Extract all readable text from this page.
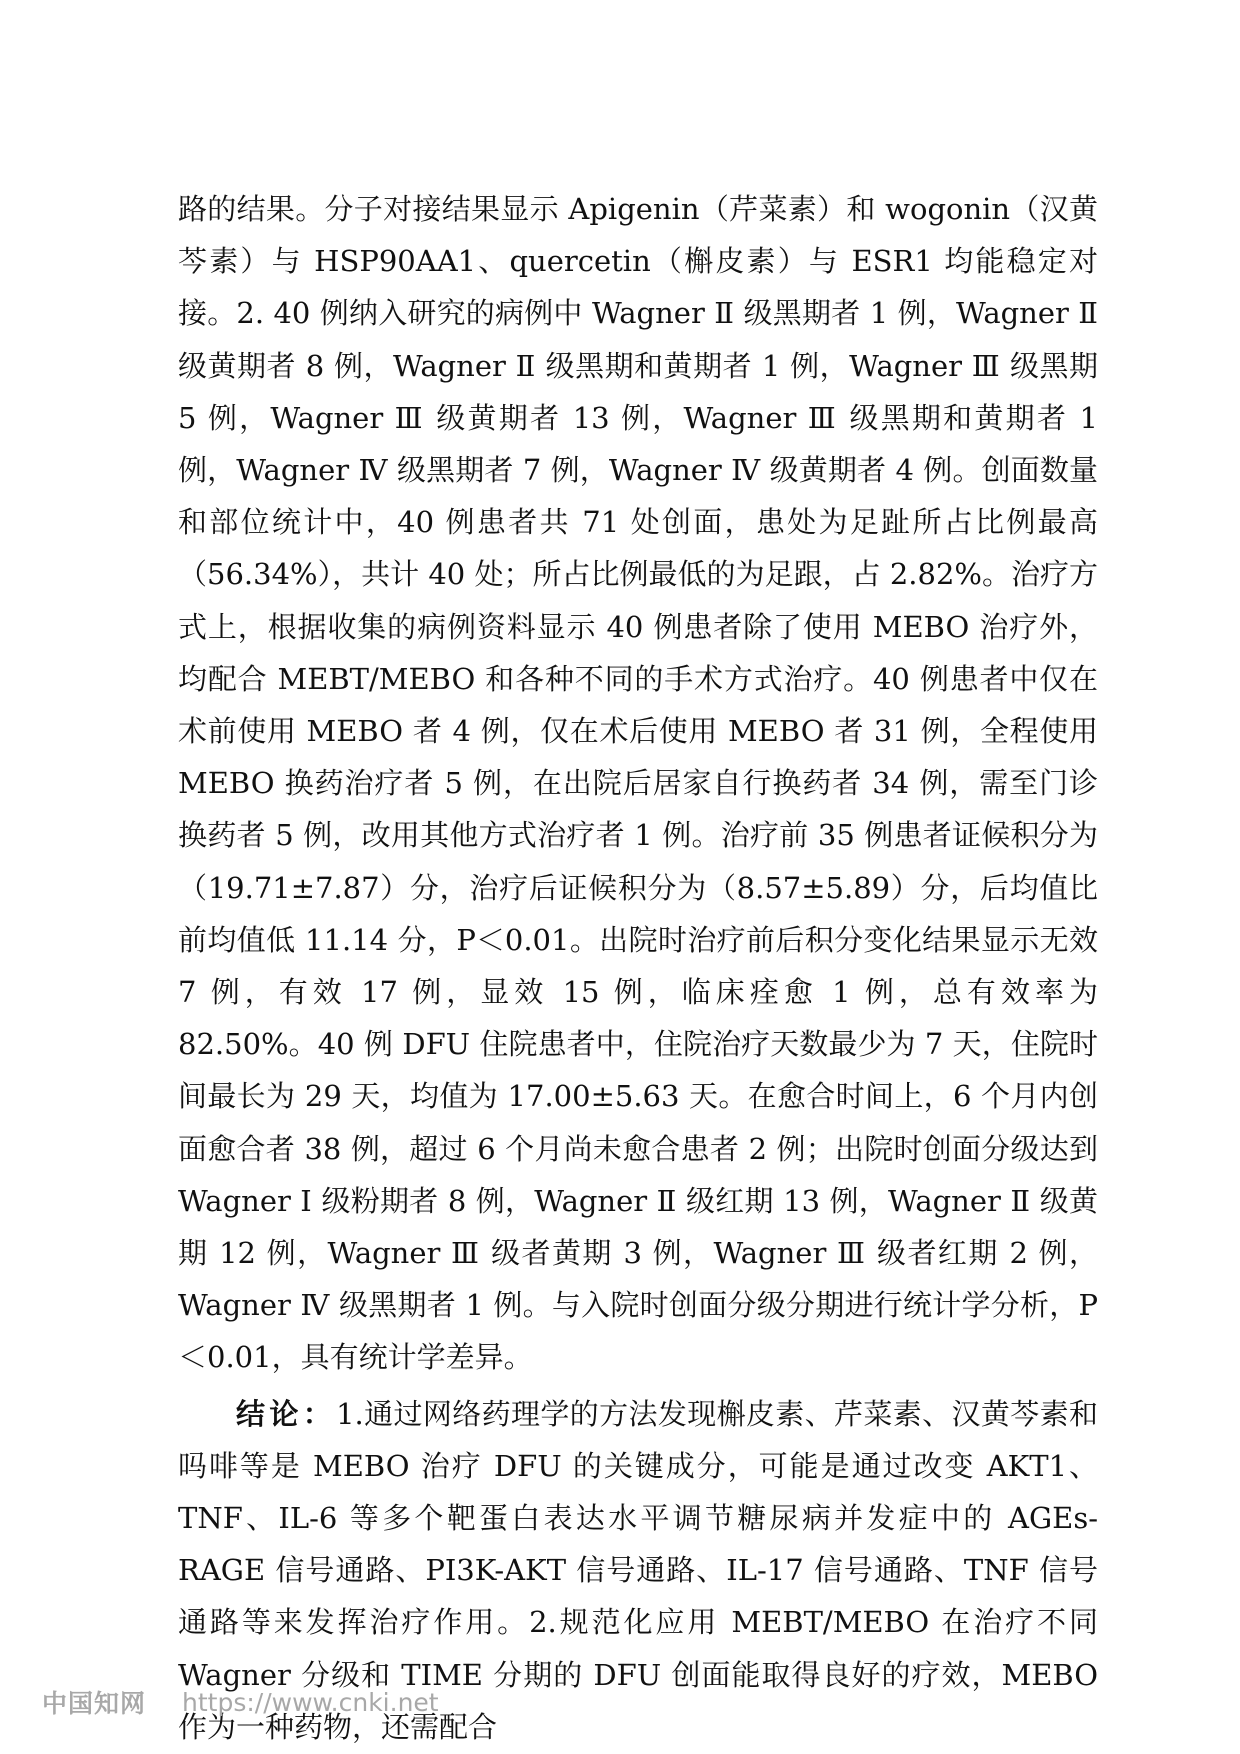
路的结果。分子对接结果显示 Apigenin（芹菜素）和 wogonin（汉黄芩素）与 HSP90AA1、quercetin（槲皮素）与 ESR1 均能稳定对接。2. 40 例纳入研究的病例中 Wagner Ⅱ 级黑期者 1 例，Wagner Ⅱ 级黄期者 8 例，Wagner Ⅱ 级黑期和黄期者 1 例，Wagner Ⅲ 级黑期 5 例，Wagner Ⅲ 级黄期者 13 例，Wagner Ⅲ 级黑期和黄期者 1 例，Wagner Ⅳ 级黑期者 7 例，Wagner Ⅳ 级黄期者 4 例。创面数量和部位统计中，40 例患者共 71 处创面，患处为足趾所占比例最高（56.34%），共计 40 处；所占比例最低的为足跟，占 2.82%。治疗方式上，根据收集的病例资料显示 40 例患者除了使用 MEBO 治疗外，均配合 MEBT/MEBO 和各种不同的手术方式治疗。40 例患者中仅在术前使用 MEBO 者 4 例，仅在术后使用 MEBO 者 31 例，全程使用 MEBO 换药治疗者 5 例，在出院后居家自行换药者 34 例，需至门诊换药者 5 例，改用其他方式治疗者 1 例。治疗前 35 例患者证候积分为（19.71±7.87）分，治疗后证候积分为（8.57±5.89）分，后均值比前均值低 11.14 分，P＜0.01。出院时治疗前后积分变化结果显示无效 7 例，有效 17 例，显效 15 例，临床痊愈 1 例，总有效率为 82.50%。40 例 DFU 住院患者中，住院治疗天数最少为 7 天，住院时间最长为 29 天，均值为 17.00±5.63 天。在愈合时间上，6 个月内创面愈合者 38 例，超过 6 个月尚未愈合患者 2 例；出院时创面分级达到 Wagner Ⅰ 级粉期者 8 例，Wagner Ⅱ 级红期 13 例，Wagner Ⅱ 级黄期 12 例，Wagner Ⅲ 级者黄期 3 例，Wagner Ⅲ 级者红期 2 例，Wagner Ⅳ 级黑期者 1 例。与入院时创面分级分期进行统计学分析，P＜0.01，具有统计学差异。

结论：1.通过网络药理学的方法发现槲皮素、芹菜素、汉黄芩素和吗啡等是 MEBO 治疗 DFU 的关键成分，可能是通过改变 AKT1、TNF、IL-6 等多个靶蛋白表达水平调节糖尿病并发症中的 AGEs-RAGE 信号通路、PI3K-AKT 信号通路、IL-17 信号通路、TNF 信号通路等来发挥治疗作用。2.规范化应用 MEBT/MEBO 在治疗不同 Wagner 分级和 TIME 分期的 DFU 创面能取得良好的疗效，MEBO 作为一种药物，还需配合

中国知网 https://www.cnki.net
